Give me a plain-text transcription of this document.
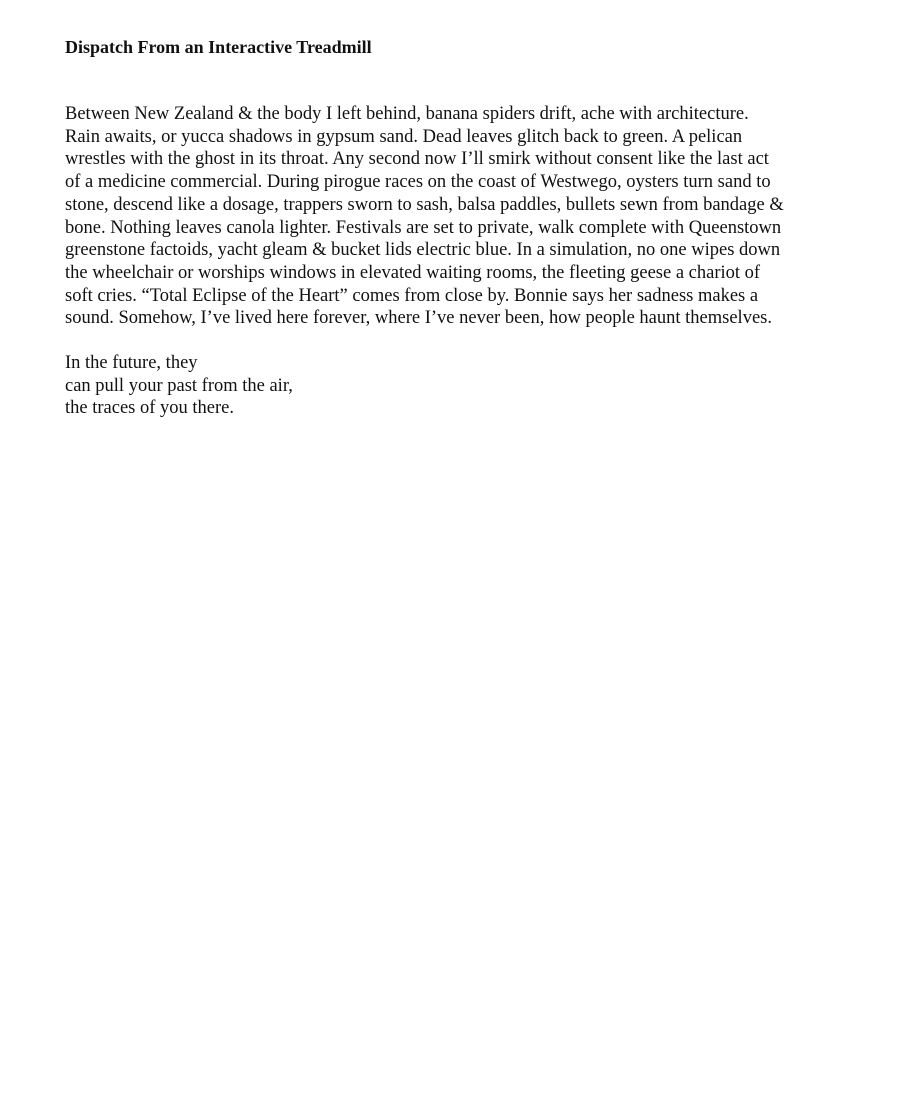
Dispatch From an Interactive Treadmill

Between New Zealand & the body I left behind, banana spiders drift, ache with architecture.
Rain awaits, or yucca shadows in gypsum sand. Dead leaves glitch back to green. A pelican
wrestles with the ghost in its throat. Any second now I’ll smirk without consent like the last act
of a medicine commercial. During pirogue races on the coast of Westwego, oysters turn sand to
stone, descend like a dosage, trappers sworn to sash, balsa paddles, bullets sewn from bandage &
bone. Nothing leaves canola lighter. Festivals are set to private, walk complete with Queenstown
greenstone factoids, yacht gleam & bucket lids electric blue. In a simulation, no one wipes down
the wheelchair or worships windows in elevated waiting rooms, the fleeting geese a chariot of
soft cries. “Total Eclipse of the Heart” comes from close by. Bonnie says her sadness makes a
sound. Somehow, I’ve lived here forever, where I’ve never been, how people haunt themselves.

In the future, they
can pull your past from the air,
the traces of you there.
